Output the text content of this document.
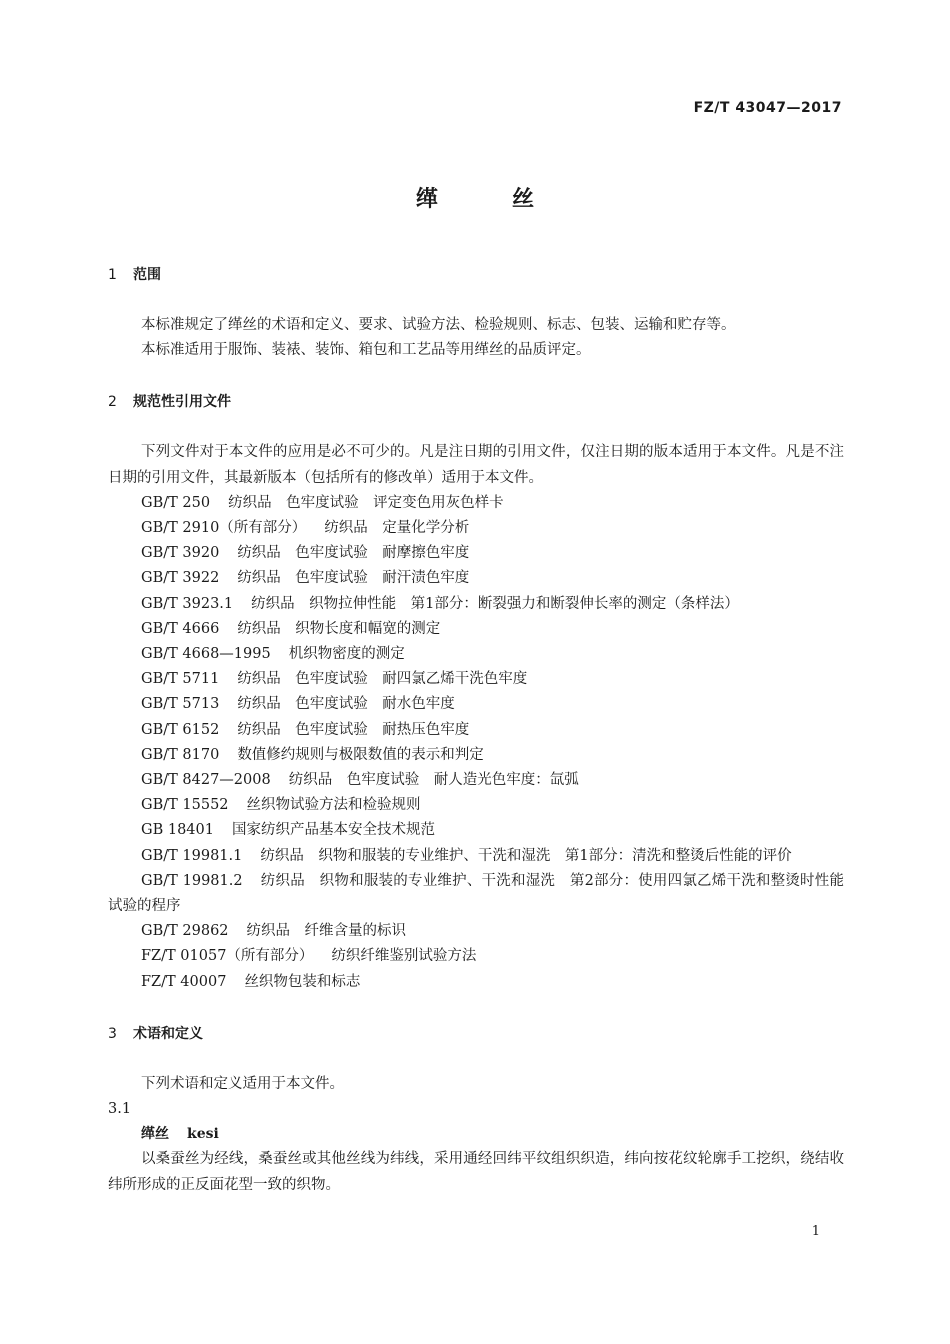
FZ/T 43047—2017
缂丝
1 范围
本标准规定了缂丝的术语和定义、要求、试验方法、检验规则、标志、包装、运输和贮存等。
本标准适用于服饰、装裱、装饰、箱包和工艺品等用缂丝的品质评定。
2 规范性引用文件
下列文件对于本文件的应用是必不可少的。凡是注日期的引用文件，仅注日期的版本适用于本文件。凡是不注日期的引用文件，其最新版本（包括所有的修改单）适用于本文件。
GB/T 250 纺织品　色牢度试验　评定变色用灰色样卡
GB/T 2910（所有部分） 纺织品　定量化学分析
GB/T 3920 纺织品　色牢度试验　耐摩擦色牢度
GB/T 3922 纺织品　色牢度试验　耐汗渍色牢度
GB/T 3923.1 纺织品　织物拉伸性能　第1部分：断裂强力和断裂伸长率的测定（条样法）
GB/T 4666 纺织品　织物长度和幅宽的测定
GB/T 4668—1995 机织物密度的测定
GB/T 5711 纺织品　色牢度试验　耐四氯乙烯干洗色牢度
GB/T 5713 纺织品　色牢度试验　耐水色牢度
GB/T 6152 纺织品　色牢度试验　耐热压色牢度
GB/T 8170 数值修约规则与极限数值的表示和判定
GB/T 8427—2008 纺织品　色牢度试验　耐人造光色牢度：氙弧
GB/T 15552 丝织物试验方法和检验规则
GB 18401 国家纺织产品基本安全技术规范
GB/T 19981.1 纺织品　织物和服装的专业维护、干洗和湿洗　第1部分：清洗和整烫后性能的评价
GB/T 19981.2 纺织品　织物和服装的专业维护、干洗和湿洗　第2部分：使用四氯乙烯干洗和整烫时性能试验的程序
GB/T 29862 纺织品　纤维含量的标识
FZ/T 01057（所有部分） 纺织纤维鉴别试验方法
FZ/T 40007 丝织物包装和标志
3 术语和定义
下列术语和定义适用于本文件。
3.1
缂丝 kesi
以桑蚕丝为经线，桑蚕丝或其他丝线为纬线，采用通经回纬平纹组织织造，纬向按花纹轮廓手工挖织，绕结收纬所形成的正反面花型一致的织物。
1
